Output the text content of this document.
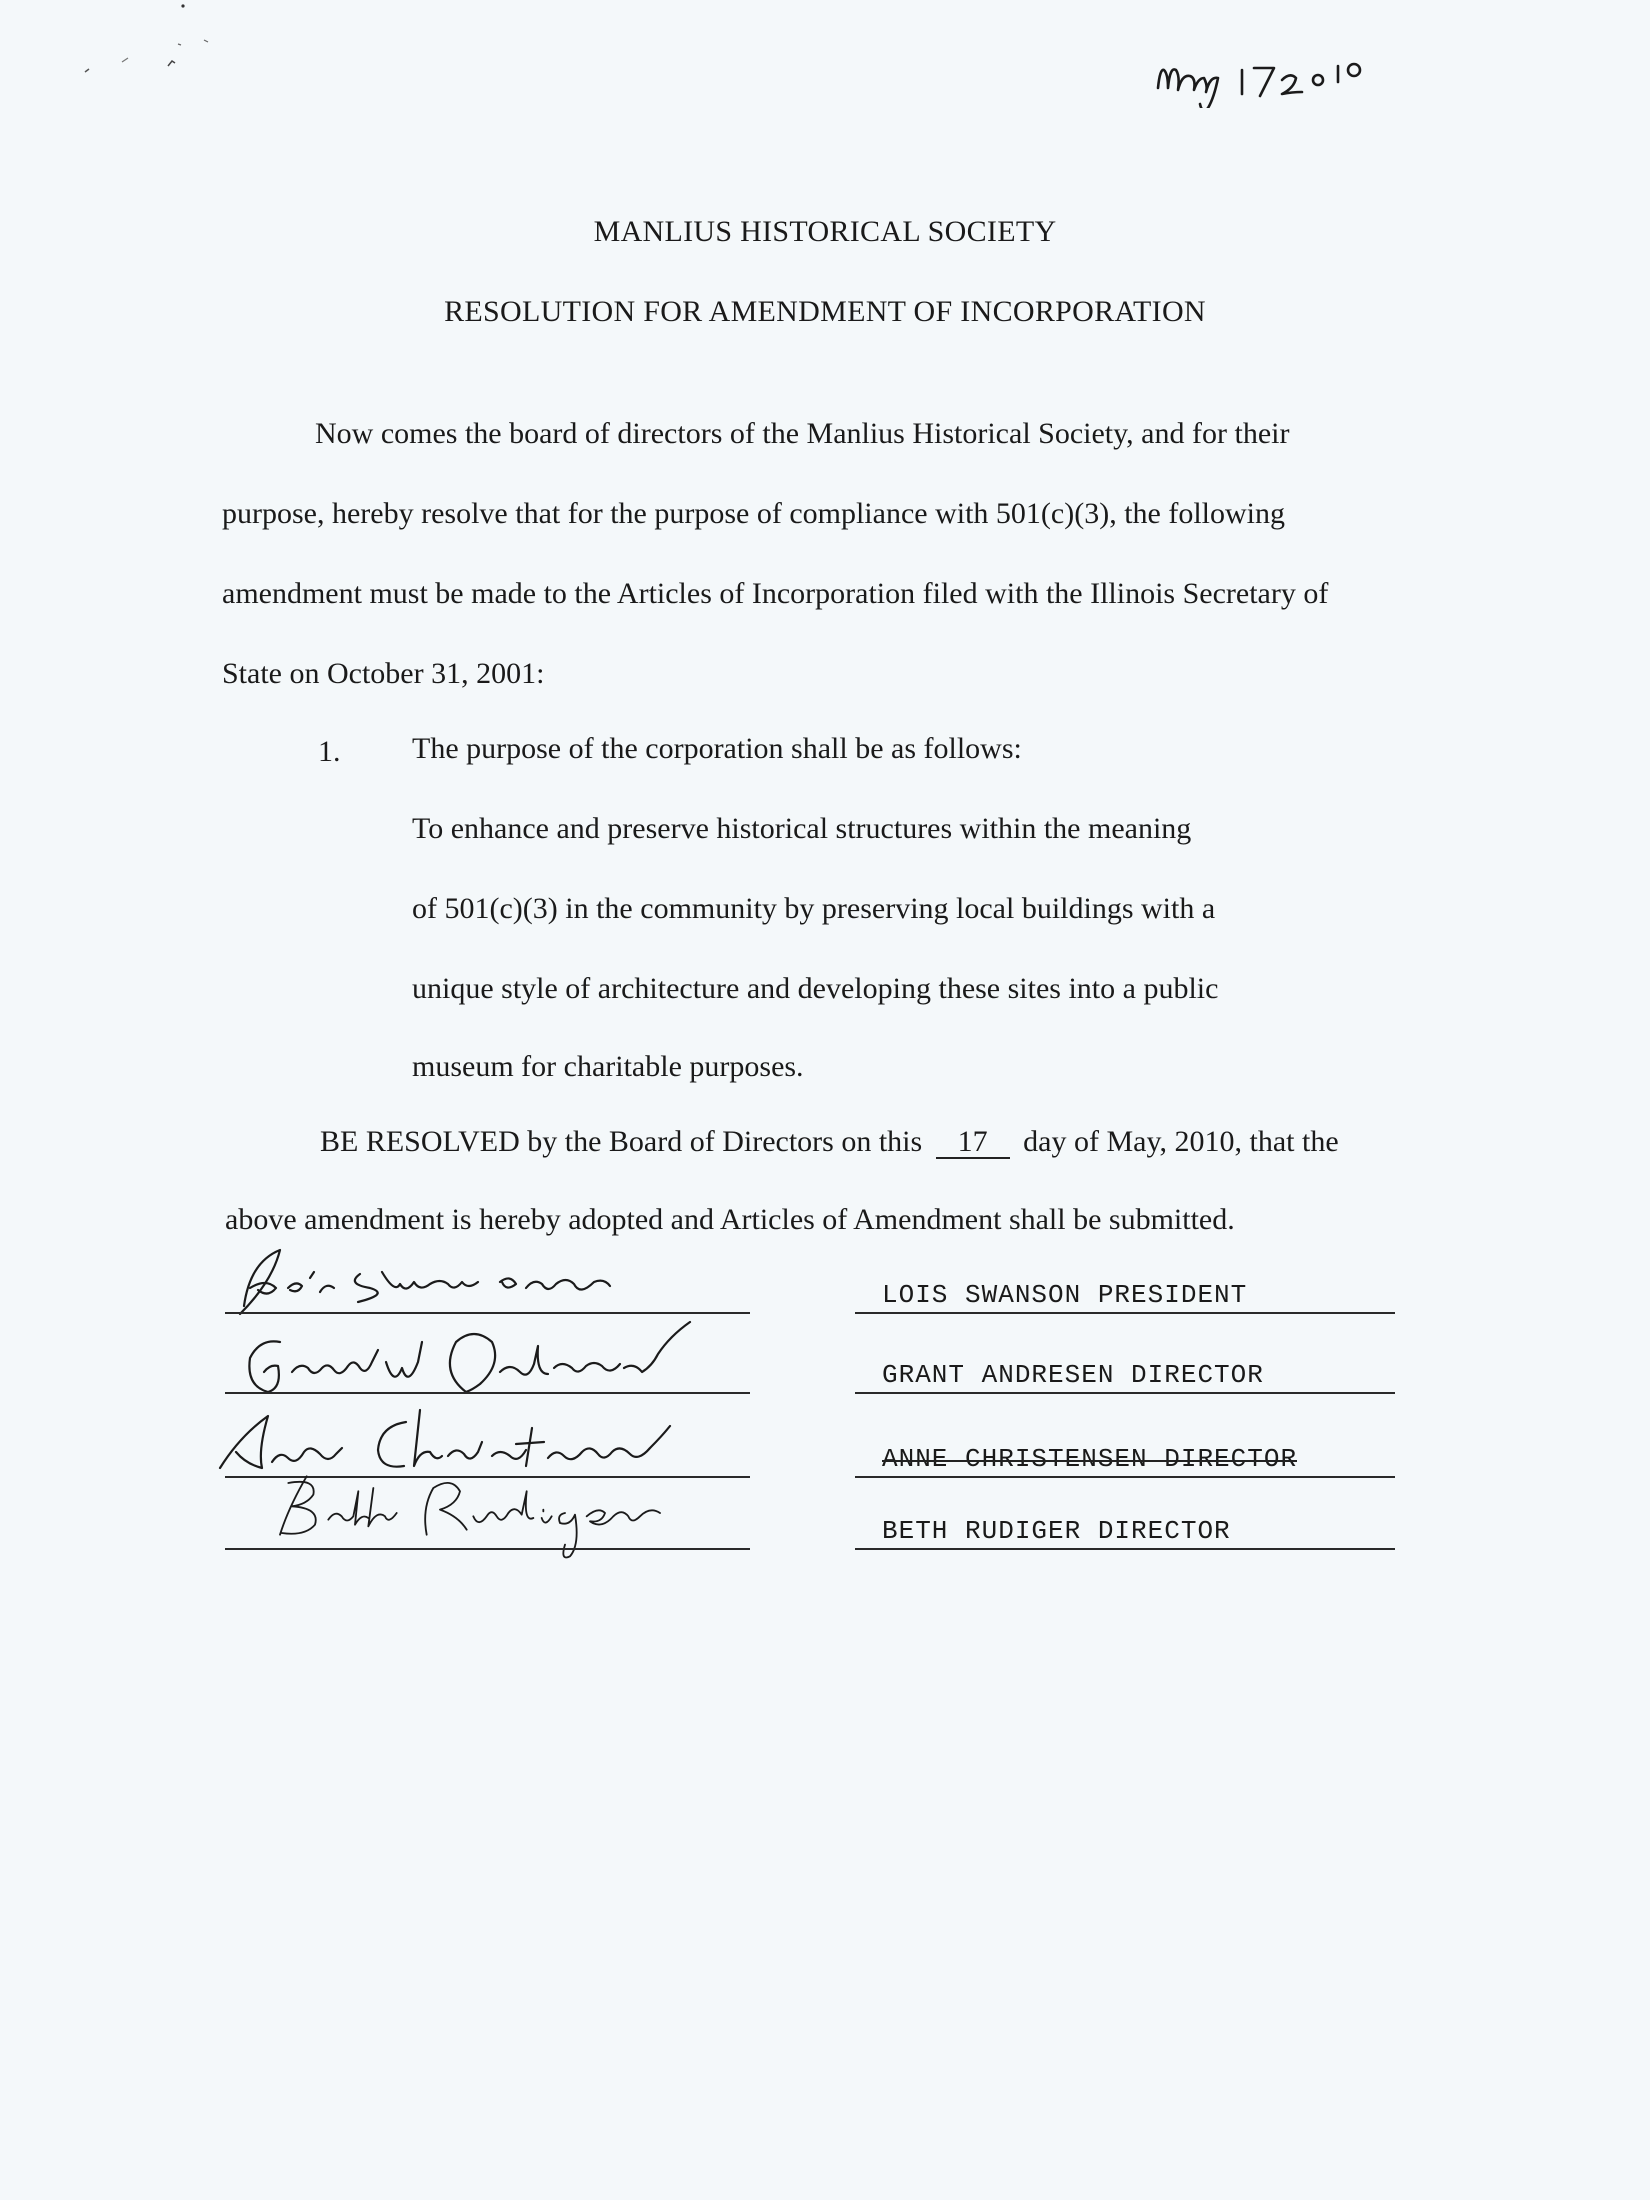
MANLIUS HISTORICAL SOCIETY
RESOLUTION FOR AMENDMENT OF INCORPORATION
Now comes the board of directors of the Manlius Historical Society, and for their
purpose, hereby resolve that for the purpose of compliance with 501(c)(3), the following
amendment must be made to the Articles of Incorporation filed with the Illinois Secretary of
State on October 31, 2001:
1. The purpose of the corporation shall be as follows:
To enhance and preserve historical structures within the meaning
of 501(c)(3) in the community by preserving local buildings with a
unique style of architecture and developing these sites into a public
museum for charitable purposes.
BE RESOLVED by the Board of Directors on this 17 day of May, 2010, that the
above amendment is hereby adopted and Articles of Amendment shall be submitted.
LOIS SWANSON PRESIDENT
GRANT ANDRESEN DIRECTOR
ANNE CHRISTENSEN DIRECTOR
BETH RUDIGER DIRECTOR
